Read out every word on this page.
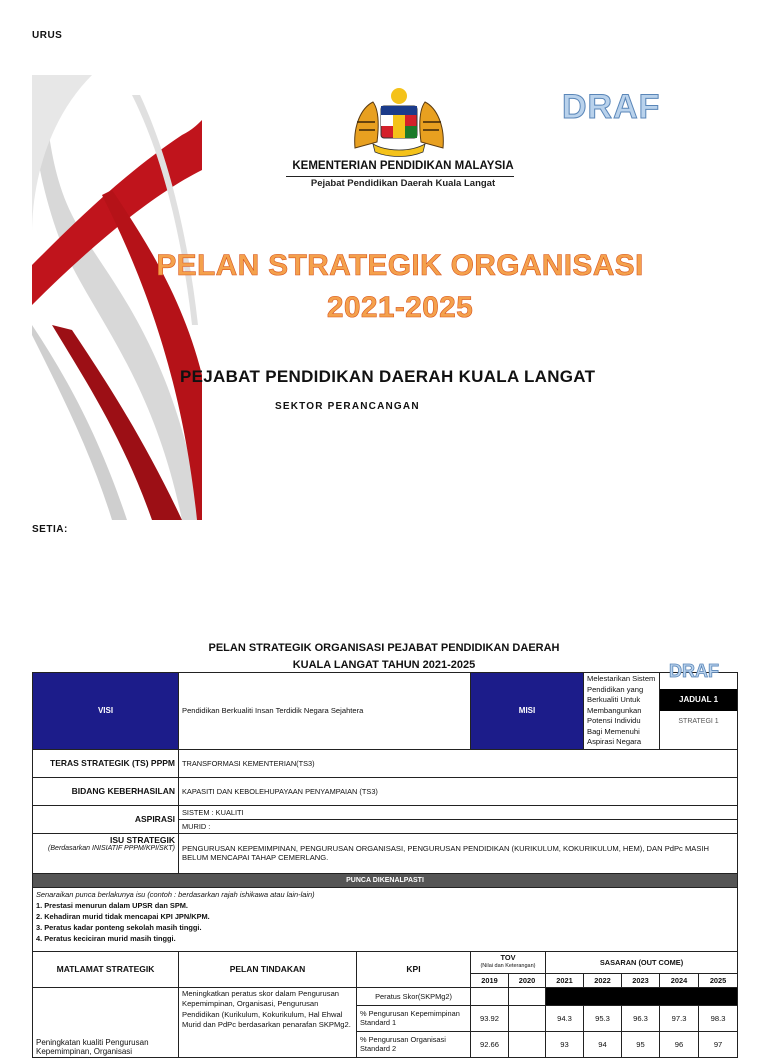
URUS
DRAF
KEMENTERIAN PENDIDIKAN MALAYSIA
Pejabat Pendidikan Daerah Kuala Langat
PELAN STRATEGIK ORGANISASI
2021-2025
PEJABAT PENDIDIKAN DAERAH KUALA LANGAT
SEKTOR PERANCANGAN
SETIA:
PELAN STRATEGIK ORGANISASI PEJABAT PENDIDIKAN DAERAH
KUALA LANGAT TAHUN 2021-2025
VISI	Pendidikan Berkualiti Insan Terdidik Negara Sejahtera		MISI			Melestarikan Sistem Pendidikan yang Berkualiti Untuk Membangunkan Potensi Individu Bagi Memenuhi Aspirasi Negara		JADUAL 1
STRATEGI 1	

TERAS STRATEGIK (TS) PPPM	TRANSFORMASI KEMENTERIAN(TS3)								
BIDANG KEBERHASILAN	KAPASITI DAN KEBOLEHUPAYAAN PENYAMPAIAN (TS3)								
ASPIRASI	SISTEM : KUALITI								
	MURID :								

ISU STRATEGIK
(Berdasarkan INISIATIF PPPM/KPI/SKT)	PENGURUSAN KEPEMIMPINAN, PENGURUSAN ORGANISASI, PENGURUSAN PENDIDIKAN (KURIKULUM, KOKURIKULUM, HEM), DAN PdPc MASIH BELUM MENCAPAI TAHAP CEMERLANG.								
PUNCA DIKENALPASTI									

Senaraikan punca berlakunya isu (contoh : berdasarkan rajah ishikawa atau lain-lain)
1. Prestasi menurun dalam UPSR dan SPM.
2. Kehadiran murid tidak mencapai KPI JPN/KPM.
3. Peratus kadar ponteng sekolah masih tinggi.
4. Peratus keciciran murid masih tinggi.									

MATLAMAT STRATEGIK	PELAN TINDAKAN	KPI	TOV
(Nilai dan Keterangan)		SASARAN (OUT COME)				
			2019	2020	2021	2022	2023	2024	2025
Peningkatan kualiti Pengurusan Kepemimpinan, Organisasi	Meningkatkan peratus skor dalam Pengurusan Kepemimpinan, Organisasi, Pengurusan Pendidikan (Kurikulum, Kokurikulum, Hal Ehwal Murid dan PdPc berdasarkan penarafan SKPMg2.	Peratus Skor(SKPMg2)							
		% Pengurusan Kepemimpinan Standard 1	93.92		94.3	95.3	96.3	97.3	98.3
		% Pengurusan Organisasi Standard 2	92.66		93	94	95	96	97
DRAF
